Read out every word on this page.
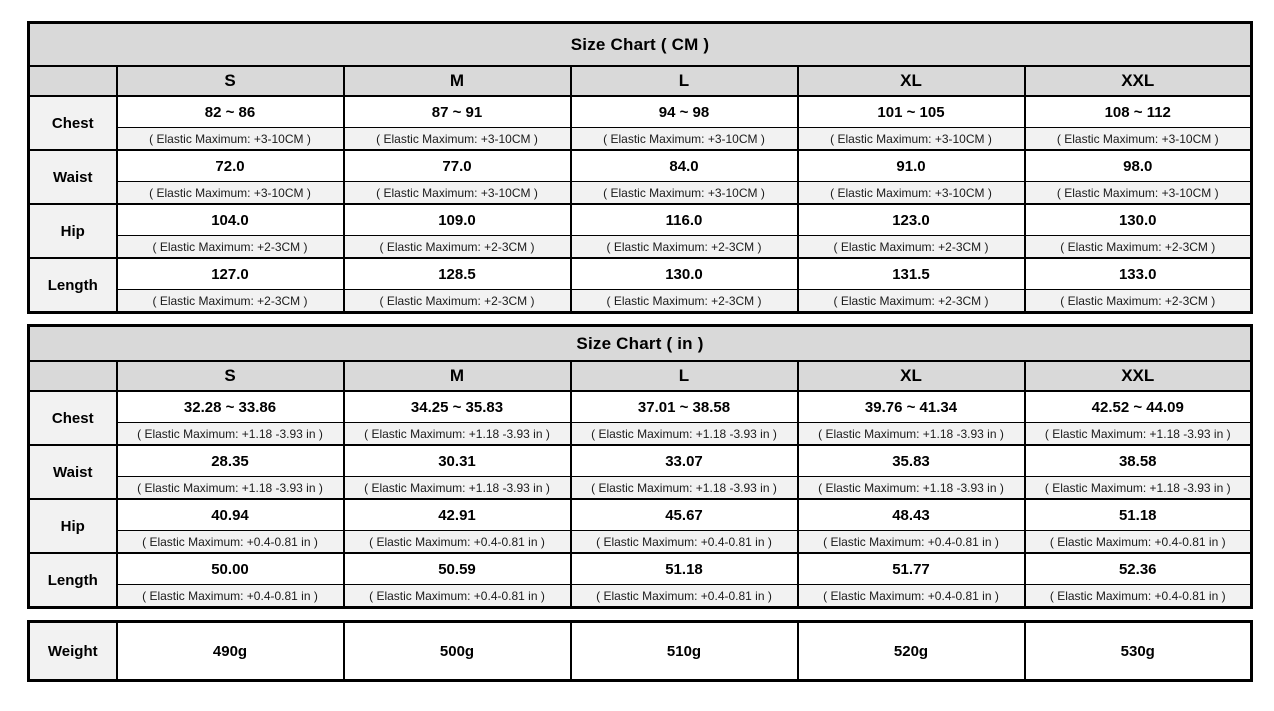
Size Chart ( CM )					
	S	M	L	XL	XXL
Chest	82 ~ 86	87 ~ 91	94 ~ 98	101 ~ 105	108 ~ 112
	( Elastic Maximum: +3-10CM )	( Elastic Maximum: +3-10CM )	( Elastic Maximum: +3-10CM )	( Elastic Maximum: +3-10CM )	( Elastic Maximum: +3-10CM )
Waist	72.0	77.0	84.0	91.0	98.0
	( Elastic Maximum: +3-10CM )	( Elastic Maximum: +3-10CM )	( Elastic Maximum: +3-10CM )	( Elastic Maximum: +3-10CM )	( Elastic Maximum: +3-10CM )
Hip	104.0	109.0	116.0	123.0	130.0
	( Elastic Maximum: +2-3CM )	( Elastic Maximum: +2-3CM )	( Elastic Maximum: +2-3CM )	( Elastic Maximum: +2-3CM )	( Elastic Maximum: +2-3CM )
Length	127.0	128.5	130.0	131.5	133.0
	( Elastic Maximum: +2-3CM )	( Elastic Maximum: +2-3CM )	( Elastic Maximum: +2-3CM )	( Elastic Maximum: +2-3CM )	( Elastic Maximum: +2-3CM )
Size Chart ( in )					
	S	M	L	XL	XXL
Chest	32.28 ~ 33.86	34.25 ~ 35.83	37.01 ~ 38.58	39.76 ~ 41.34	42.52 ~ 44.09
	( Elastic Maximum: +1.18 -3.93 in )	( Elastic Maximum: +1.18 -3.93 in )	( Elastic Maximum: +1.18 -3.93 in )	( Elastic Maximum: +1.18 -3.93 in )	( Elastic Maximum: +1.18 -3.93 in )
Waist	28.35	30.31	33.07	35.83	38.58
	( Elastic Maximum: +1.18 -3.93 in )	( Elastic Maximum: +1.18 -3.93 in )	( Elastic Maximum: +1.18 -3.93 in )	( Elastic Maximum: +1.18 -3.93 in )	( Elastic Maximum: +1.18 -3.93 in )
Hip	40.94	42.91	45.67	48.43	51.18
	( Elastic Maximum: +0.4-0.81 in )	( Elastic Maximum: +0.4-0.81 in )	( Elastic Maximum: +0.4-0.81 in )	( Elastic Maximum: +0.4-0.81 in )	( Elastic Maximum: +0.4-0.81 in )
Length	50.00	50.59	51.18	51.77	52.36
	( Elastic Maximum: +0.4-0.81 in )	( Elastic Maximum: +0.4-0.81 in )	( Elastic Maximum: +0.4-0.81 in )	( Elastic Maximum: +0.4-0.81 in )	( Elastic Maximum: +0.4-0.81 in )
Weight	490g	500g	510g	520g	530g
